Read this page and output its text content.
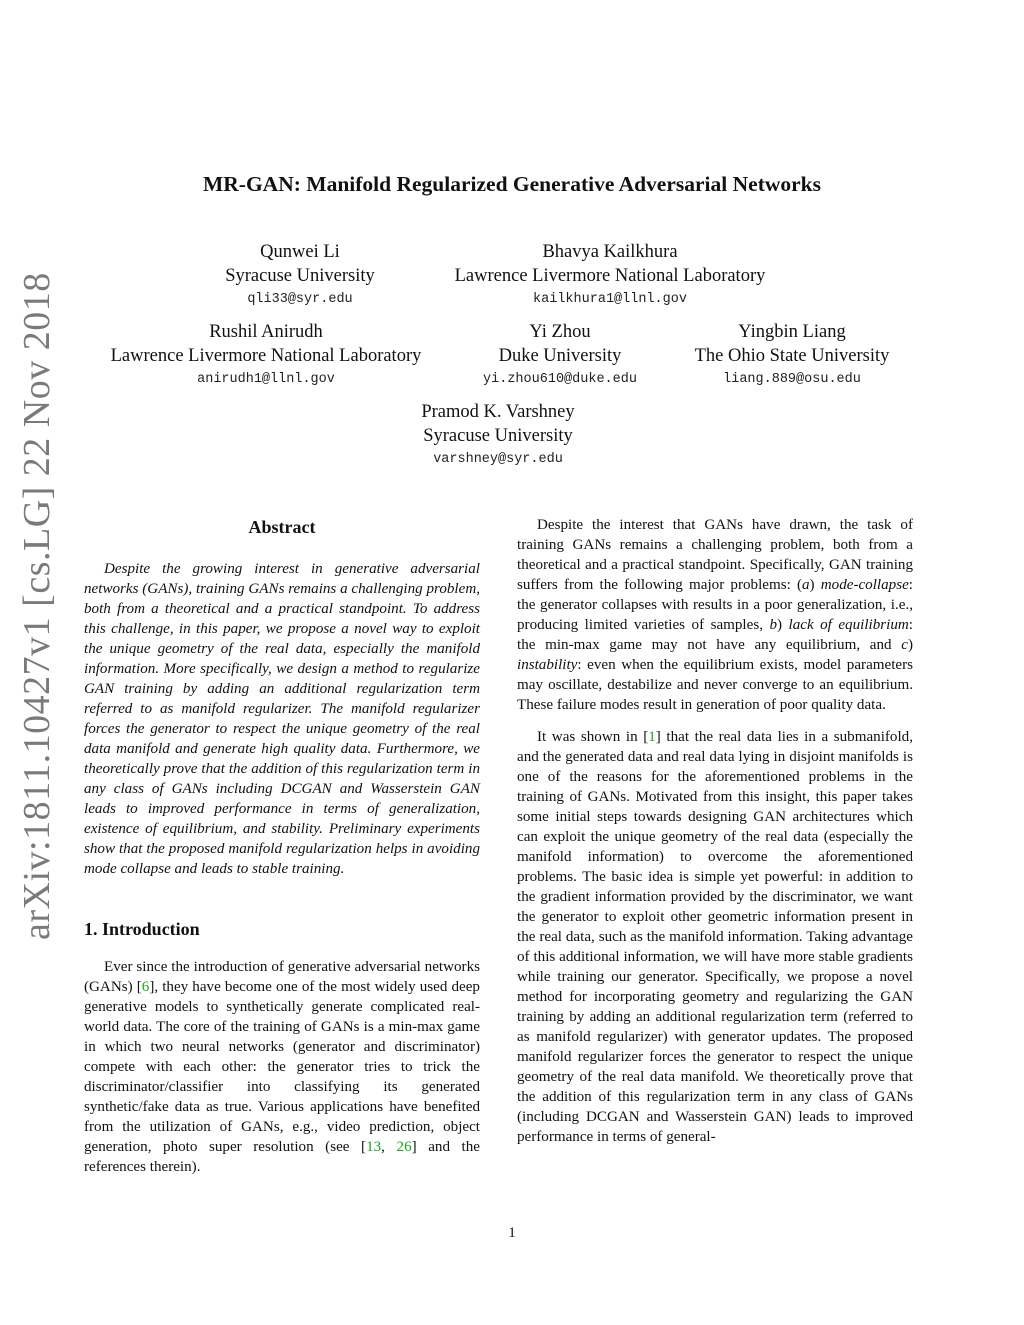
MR-GAN: Manifold Regularized Generative Adversarial Networks
Qunwei Li
Syracuse University
qli33@syr.edu
Bhavya Kailkhura
Lawrence Livermore National Laboratory
kailkhura1@llnl.gov
Rushil Anirudh
Lawrence Livermore National Laboratory
anirudh1@llnl.gov
Yi Zhou
Duke University
yi.zhou610@duke.edu
Yingbin Liang
The Ohio State University
liang.889@osu.edu
Pramod K. Varshney
Syracuse University
varshney@syr.edu
arXiv:1811.10427v1 [cs.LG] 22 Nov 2018	Abstract

Despite the growing interest in generative adversarial networks (GANs), training GANs remains a challenging problem, both from a theoretical and a practical standpoint. To address this challenge, in this paper, we propose a novel way to exploit the unique geometry of the real data, especially the manifold information. More specifically, we design a method to regularize GAN training by adding an additional regularization term referred to as manifold regularizer. The manifold regularizer forces the generator to respect the unique geometry of the real data manifold and generate high quality data. Furthermore, we theoretically prove that the addition of this regularization term in any class of GANs including DCGAN and Wasserstein GAN leads to improved performance in terms of generalization, existence of equilibrium, and stability. Preliminary experiments show that the proposed manifold regularization helps in avoiding mode collapse and leads to stable training.

1. Introduction

Ever since the introduction of generative adversarial networks (GANs) [6], they have become one of the most widely used deep generative models to synthetically generate complicated real-world data. The core of the training of GANs is a min-max game in which two neural networks (generator and discriminator) compete with each other: the generator tries to trick the discriminator/classifier into classifying its generated synthetic/fake data as true. Various applications have benefited from the utilization of GANs, e.g., video prediction, object generation, photo super resolution (see [13, 26] and the references therein).

Despite the interest that GANs have drawn, the task of training GANs remains a challenging problem, both from a theoretical and a practical standpoint. Specifically, GAN training suffers from the following major problems: (a) mode-collapse: the generator collapses with results in a poor generalization, i.e., producing limited varieties of samples, b) lack of equilibrium: the min-max game may not have any equilibrium, and c) instability: even when the equilibrium exists, model parameters may oscillate, destabilize and never converge to an equilibrium. These failure modes result in generation of poor quality data.

It was shown in [1] that the real data lies in a submanifold, and the generated data and real data lying in disjoint manifolds is one of the reasons for the aforementioned problems in the training of GANs. Motivated from this insight, this paper takes some initial steps towards designing GAN architectures which can exploit the unique geometry of the real data (especially the manifold information) to overcome the aforementioned problems. The basic idea is simple yet powerful: in addition to the gradient information provided by the discriminator, we want the generator to exploit other geometric information present in the real data, such as the manifold information. Taking advantage of this additional information, we will have more stable gradients while training our generator. Specifically, we propose a novel method for incorporating geometry and regularizing the GAN training by adding an additional regularization term (referred to as manifold regularizer) with generator updates. The proposed manifold regularizer forces the generator to respect the unique geometry of the real data manifold. We theoretically prove that the addition of this regularization term in any class of GANs (including DCGAN and Wasserstein GAN) leads to improved performance in terms of general-

1
